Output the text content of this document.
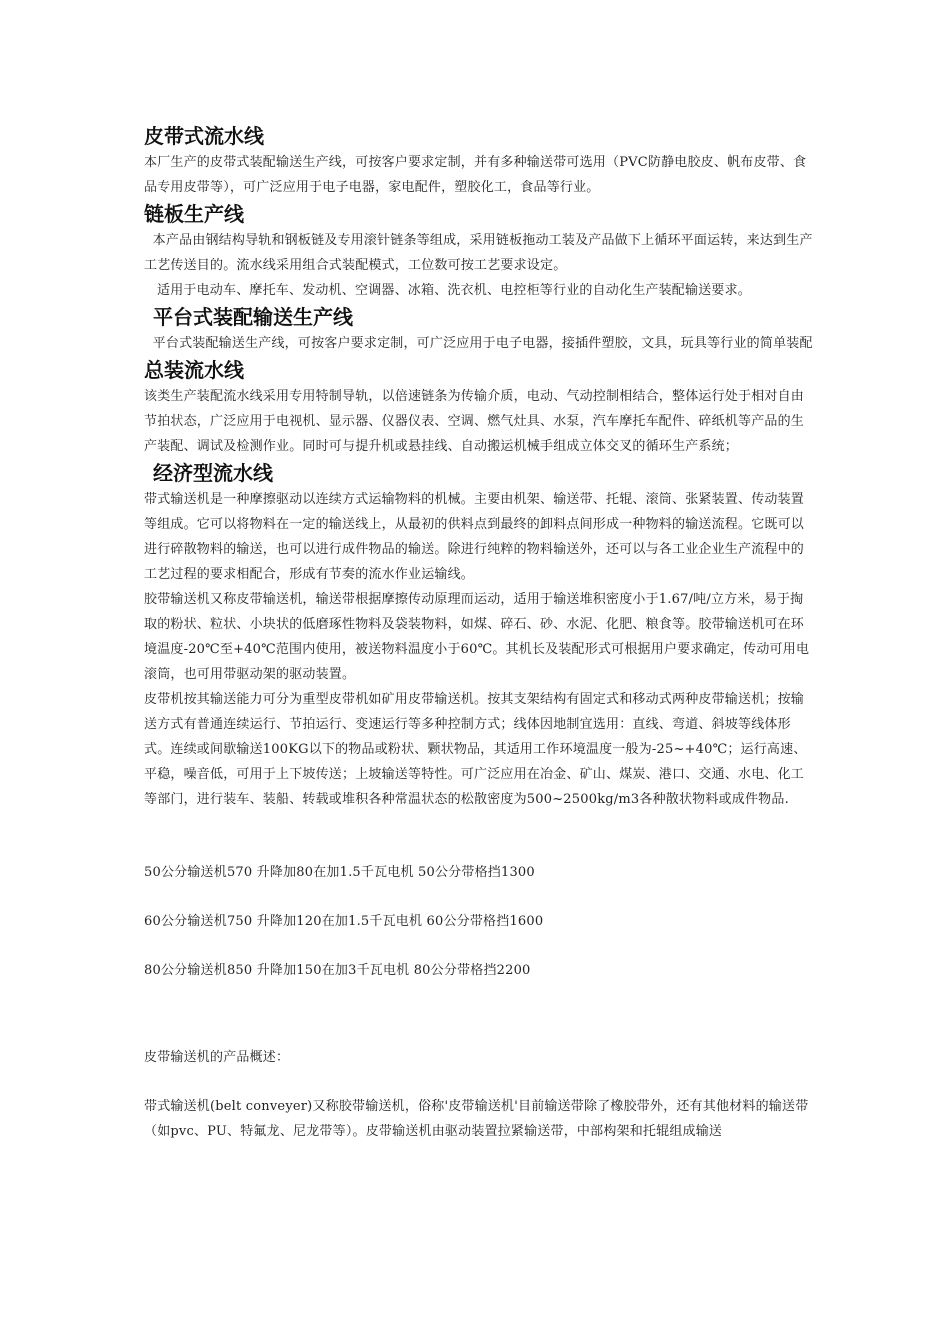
皮带式流水线

本厂生产的皮带式装配输送生产线，可按客户要求定制，并有多种输送带可选用（PVC防静电胶皮、帆布皮带、食品专用皮带等），可广泛应用于电子电器，家电配件，塑胶化工，食品等行业。

链板生产线

本产品由钢结构导轨和钢板链及专用滚针链条等组成，采用链板拖动工装及产品做下上循环平面运转，来达到生产工艺传送目的。流水线采用组合式装配模式，工位数可按工艺要求设定。

适用于电动车、摩托车、发动机、空调器、冰箱、洗衣机、电控柜等行业的自动化生产装配输送要求。

平台式装配输送生产线

平台式装配输送生产线，可按客户要求定制，可广泛应用于电子电器，接插件塑胶，文具，玩具等行业的简单装配

总装流水线

该类生产装配流水线采用专用特制导轨，以倍速链条为传输介质，电动、气动控制相结合，整体运行处于相对自由节拍状态，广泛应用于电视机、显示器、仪器仪表、空调、燃气灶具、水泵，汽车摩托车配件、碎纸机等产品的生产装配、调试及检测作业。同时可与提升机或悬挂线、自动搬运机械手组成立体交叉的循环生产系统；

经济型流水线

带式输送机是一种摩擦驱动以连续方式运输物料的机械。主要由机架、输送带、托辊、滚筒、张紧装置、传动装置等组成。它可以将物料在一定的输送线上，从最初的供料点到最终的卸料点间形成一种物料的输送流程。它既可以进行碎散物料的输送，也可以进行成件物品的输送。除进行纯粹的物料输送外，还可以与各工业企业生产流程中的工艺过程的要求相配合，形成有节奏的流水作业运输线。

胶带输送机又称皮带输送机，输送带根据摩擦传动原理而运动，适用于输送堆积密度小于1.67/吨/立方米，易于掏取的粉状、粒状、小块状的低磨琢性物料及袋装物料，如煤、碎石、砂、水泥、化肥、粮食等。胶带输送机可在环境温度-20℃至+40℃范围内使用，被送物料温度小于60℃。其机长及装配形式可根据用户要求确定，传动可用电滚筒，也可用带驱动架的驱动装置。

皮带机按其输送能力可分为重型皮带机如矿用皮带输送机。按其支架结构有固定式和移动式两种皮带输送机；按输送方式有普通连续运行、节拍运行、变速运行等多种控制方式；线体因地制宜选用：直线、弯道、斜坡等线体形式。连续或间歇输送100KG以下的物品或粉状、颗状物品，其适用工作环境温度一般为-25~+40℃；运行高速、平稳，噪音低，可用于上下坡传送；上坡输送等特性。可广泛应用在冶金、矿山、煤炭、港口、交通、水电、化工等部门，进行装车、装船、转载或堆积各种常温状态的松散密度为500~2500kg/m3各种散状物料或成件物品.

50公分输送机570 升降加80在加1.5千瓦电机 50公分带格挡1300

60公分输送机750 升降加120在加1.5千瓦电机 60公分带格挡1600

80公分输送机850 升降加150在加3千瓦电机 80公分带格挡2200

皮带输送机的产品概述：

带式输送机(belt conveyer)又称胶带输送机，俗称'皮带输送机'目前输送带除了橡胶带外，还有其他材料的输送带（如pvc、PU、特氟龙、尼龙带等）。皮带输送机由驱动装置拉紧输送带，中部构架和托辊组成输送
